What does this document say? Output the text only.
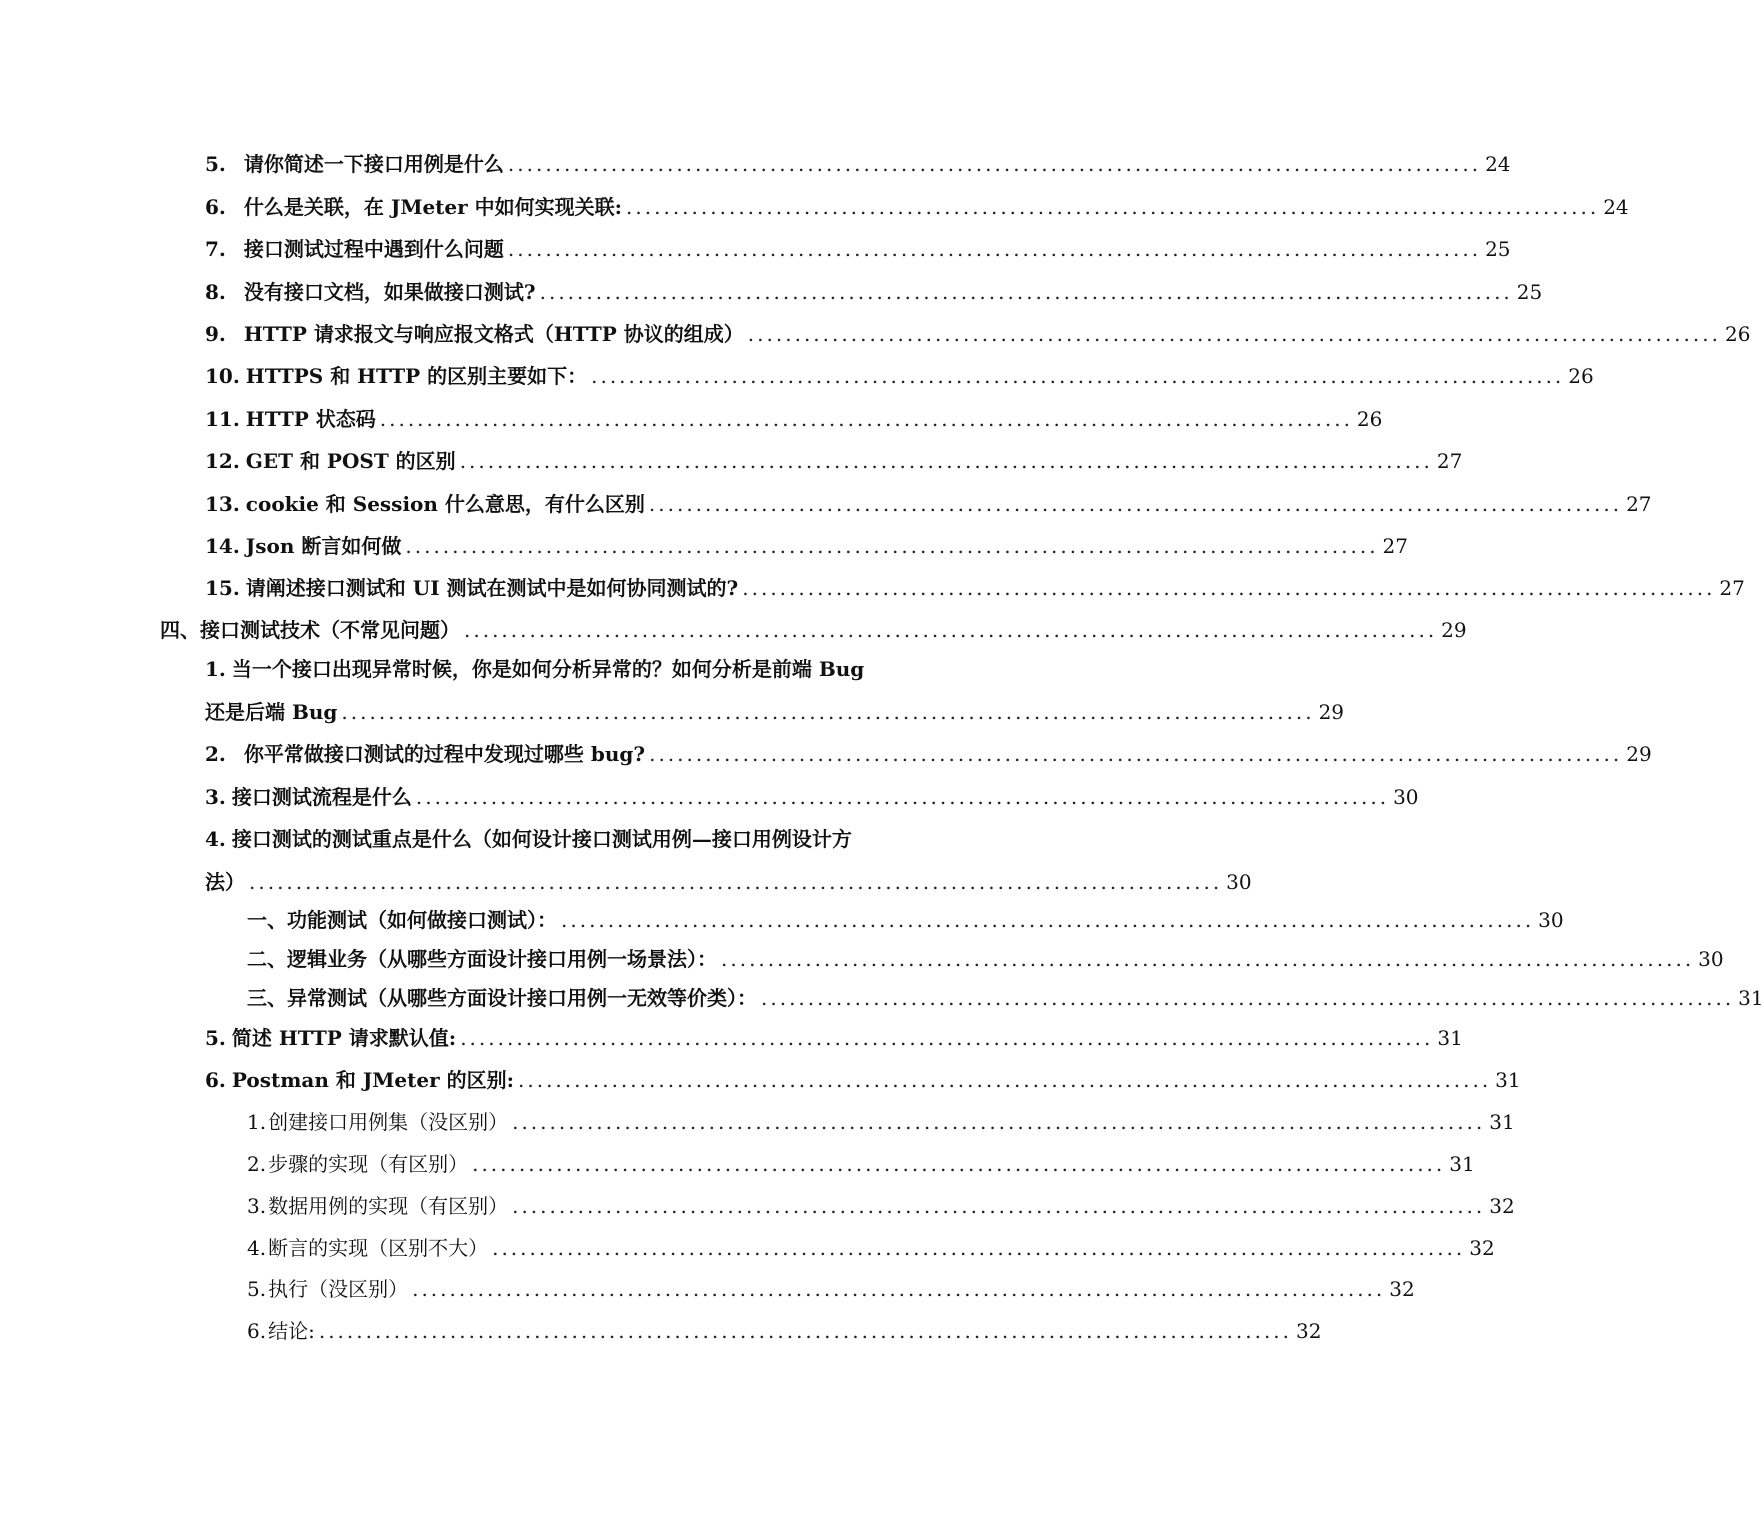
5. 请你简述一下接口用例是什么 ........................................................................................................ 24
6. 什么是关联，在 JMeter 中如何实现关联: ........................................................................................................ 24
7. 接口测试过程中遇到什么问题 ........................................................................................................ 25
8. 没有接口文档，如果做接口测试? ........................................................................................................ 25
9. HTTP 请求报文与响应报文格式（HTTP 协议的组成） ........................................................................................................ 26
10. HTTPS 和 HTTP 的区别主要如下： ........................................................................................................ 26
11. HTTP 状态码 ........................................................................................................ 26
12. GET 和 POST 的区别 ........................................................................................................ 27
13. cookie 和 Session 什么意思，有什么区别 ........................................................................................................ 27
14. Json 断言如何做 ........................................................................................................ 27
15. 请阐述接口测试和 UI 测试在测试中是如何协同测试的? ........................................................................................................ 27
四、接口测试技术（不常见问题） ........................................................................................................ 29
1. 当一个接口出现异常时候，你是如何分析异常的？如何分析是前端 Bug
还是后端 Bug ........................................................................................................ 29
2. 你平常做接口测试的过程中发现过哪些 bug? ........................................................................................................ 29
3. 接口测试流程是什么 ........................................................................................................ 30
4. 接口测试的测试重点是什么（如何设计接口测试用例—接口用例设计方
法） ........................................................................................................ 30
一、功能测试（如何做接口测试）： ........................................................................................................ 30
二、逻辑业务（从哪些方面设计接口用例一场景法）： ........................................................................................................ 30
三、异常测试（从哪些方面设计接口用例一无效等价类）： ........................................................................................................ 31
5. 简述 HTTP 请求默认值: ........................................................................................................ 31
6. Postman 和 JMeter 的区别: ........................................................................................................ 31
1. 创建接口用例集（没区别） ........................................................................................................ 31
2. 步骤的实现（有区别） ........................................................................................................ 31
3. 数据用例的实现（有区别） ........................................................................................................ 32
4. 断言的实现（区别不大） ........................................................................................................ 32
5. 执行（没区别） ........................................................................................................ 32
6. 结论: ........................................................................................................ 32
